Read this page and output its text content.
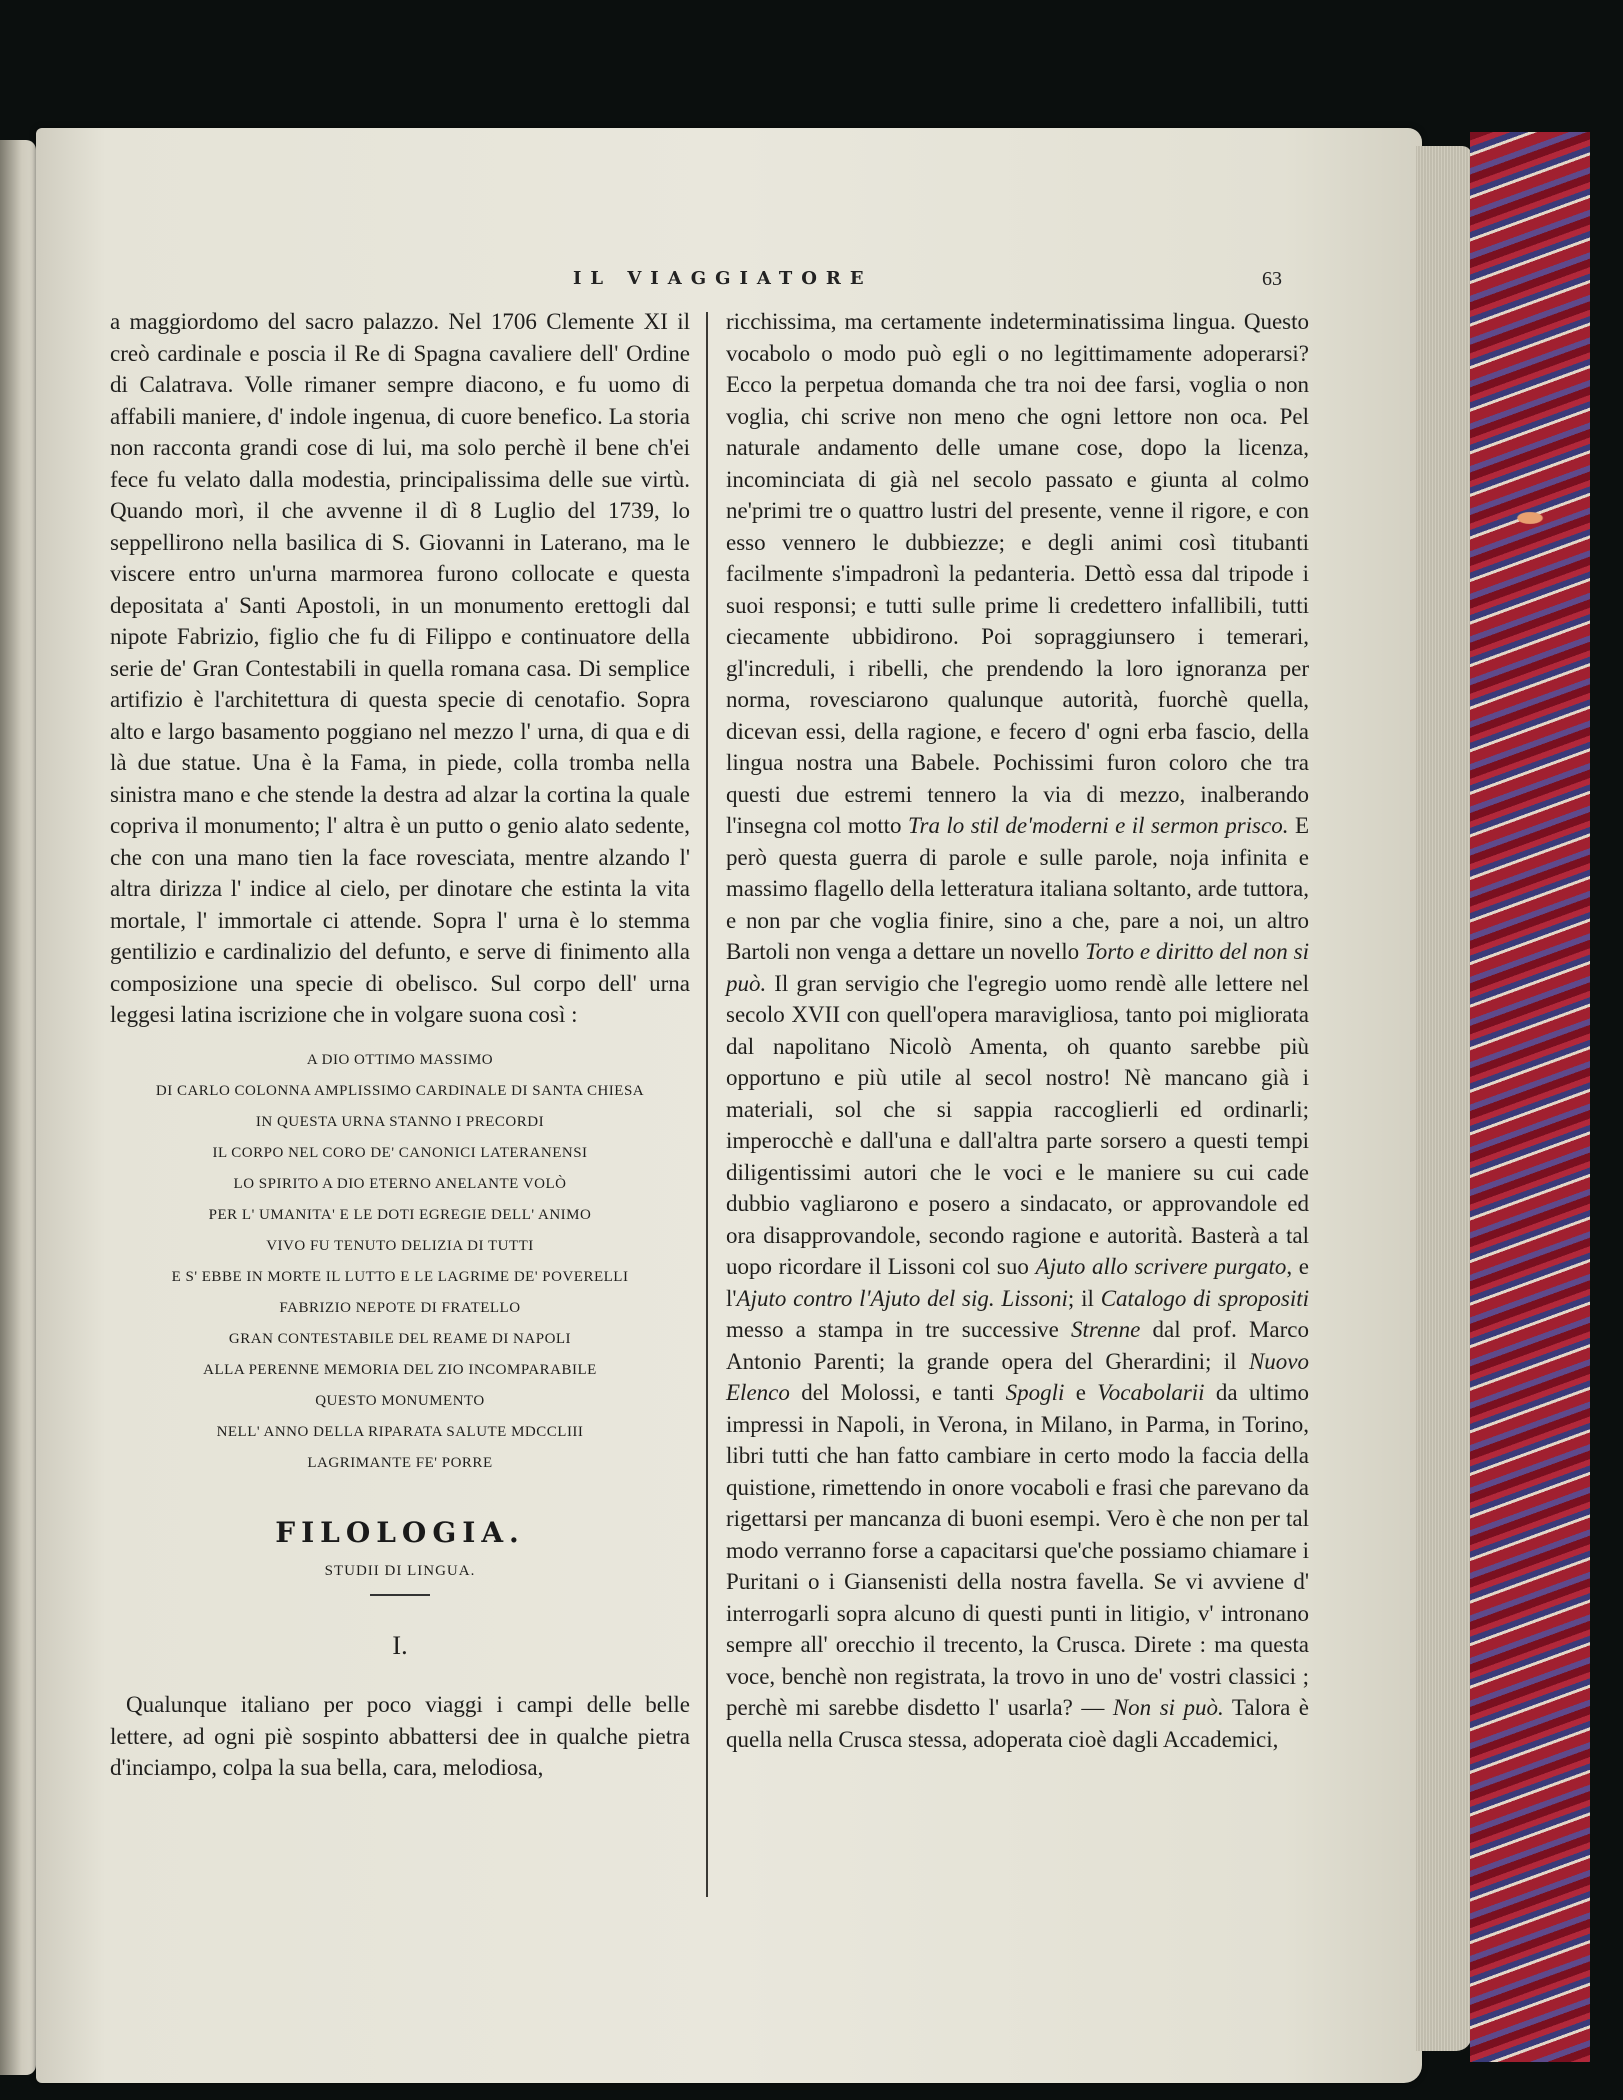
IL VIAGGIATORE	63

a maggiordomo del sacro palazzo. Nel 1706 Clemente XI il creò cardinale e poscia il Re di Spagna cavaliere dell' Ordine di Calatrava. Volle rimaner sempre diacono, e fu uomo di affabili maniere, d' indole ingenua, di cuore benefico. La storia non racconta grandi cose di lui, ma solo perchè il bene ch'ei fece fu velato dalla modestia, principalissima delle sue virtù. Quando morì, il che avvenne il dì 8 Luglio del 1739, lo seppellirono nella basilica di S. Giovanni in Laterano, ma le viscere entro un'urna marmorea furono collocate e questa depositata a' Santi Apostoli, in un monumento erettogli dal nipote Fabrizio, figlio che fu di Filippo e continuatore della serie de' Gran Contestabili in quella romana casa. Di semplice artifizio è l'architettura di questa specie di cenotafio. Sopra alto e largo basamento poggiano nel mezzo l' urna, di qua e di là due statue. Una è la Fama, in piede, colla tromba nella sinistra mano e che stende la destra ad alzar la cortina la quale copriva il monumento; l' altra è un putto o genio alato sedente, che con una mano tien la face rovesciata, mentre alzando l' altra dirizza l' indice al cielo, per dinotare che estinta la vita mortale, l' immortale ci attende. Sopra l' urna è lo stemma gentilizio e cardinalizio del defunto, e serve di finimento alla composizione una specie di obelisco. Sul corpo dell' urna leggesi latina iscrizione che in volgare suona così :

A DIO OTTIMO MASSIMO
DI CARLO COLONNA AMPLISSIMO CARDINALE DI SANTA CHIESA
IN QUESTA URNA STANNO I PRECORDI
IL CORPO NEL CORO DE' CANONICI LATERANENSI
LO SPIRITO A DIO ETERNO ANELANTE VOLÒ
PER L' UMANITA' E LE DOTI EGREGIE DELL' ANIMO
VIVO FU TENUTO DELIZIA DI TUTTI
E S' EBBE IN MORTE IL LUTTO E LE LAGRIME DE' POVERELLI
FABRIZIO NEPOTE DI FRATELLO
GRAN CONTESTABILE DEL REAME DI NAPOLI
ALLA PERENNE MEMORIA DEL ZIO INCOMPARABILE
QUESTO MONUMENTO
NELL' ANNO DELLA RIPARATA SALUTE MDCCLIII
LAGRIMANTE FE' PORRE
FILOLOGIA.
STUDII DI LINGUA.
I.

Qualunque italiano per poco viaggi i campi delle belle lettere, ad ogni piè sospinto abbattersi dee in qualche pietra d'inciampo, colpa la sua bella, cara, melodiosa,

ricchissima, ma certamente indeterminatissima lingua. Questo vocabolo o modo può egli o no legittimamente adoperarsi? Ecco la perpetua domanda che tra noi dee farsi, voglia o non voglia, chi scrive non meno che ogni lettore non oca. Pel naturale andamento delle umane cose, dopo la licenza, incominciata di già nel secolo passato e giunta al colmo ne'primi tre o quattro lustri del presente, venne il rigore, e con esso vennero le dubbiezze; e degli animi così titubanti facilmente s'impadronì la pedanteria. Dettò essa dal tripode i suoi responsi; e tutti sulle prime li credettero infallibili, tutti ciecamente ubbidirono. Poi sopraggiunsero i temerari, gl'increduli, i ribelli, che prendendo la loro ignoranza per norma, rovesciarono qualunque autorità, fuorchè quella, dicevan essi, della ragione, e fecero d' ogni erba fascio, della lingua nostra una Babele. Pochissimi furon coloro che tra questi due estremi tennero la via di mezzo, inalberando l'insegna col motto Tra lo stil de'moderni e il sermon prisco. E però questa guerra di parole e sulle parole, noja infinita e massimo flagello della letteratura italiana soltanto, arde tuttora, e non par che voglia finire, sino a che, pare a noi, un altro Bartoli non venga a dettare un novello Torto e diritto del non si può. Il gran servigio che l'egregio uomo rendè alle lettere nel secolo XVII con quell'opera maravigliosa, tanto poi migliorata dal napolitano Nicolò Amenta, oh quanto sarebbe più opportuno e più utile al secol nostro! Nè mancano già i materiali, sol che si sappia raccoglierli ed ordinarli; imperocchè e dall'una e dall'altra parte sorsero a questi tempi diligentissimi autori che le voci e le maniere su cui cade dubbio vagliarono e posero a sindacato, or approvandole ed ora disapprovandole, secondo ragione e autorità. Basterà a tal uopo ricordare il Lissoni col suo Ajuto allo scrivere purgato, e l'Ajuto contro l'Ajuto del sig. Lissoni; il Catalogo di spropositi messo a stampa in tre successive Strenne dal prof. Marco Antonio Parenti; la grande opera del Gherardini; il Nuovo Elenco del Molossi, e tanti Spogli e Vocabolarii da ultimo impressi in Napoli, in Verona, in Milano, in Parma, in Torino, libri tutti che han fatto cambiare in certo modo la faccia della quistione, rimettendo in onore vocaboli e frasi che parevano da rigettarsi per mancanza di buoni esempi. Vero è che non per tal modo verranno forse a capacitarsi que'che possiamo chiamare i Puritani o i Giansenisti della nostra favella. Se vi avviene d' interrogarli sopra alcuno di questi punti in litigio, v' intronano sempre all' orecchio il trecento, la Crusca. Direte : ma questa voce, benchè non registrata, la trovo in uno de' vostri classici ; perchè mi sarebbe disdetto l' usarla? — Non si può. Talora è quella nella Crusca stessa, adoperata cioè dagli Accademici,
